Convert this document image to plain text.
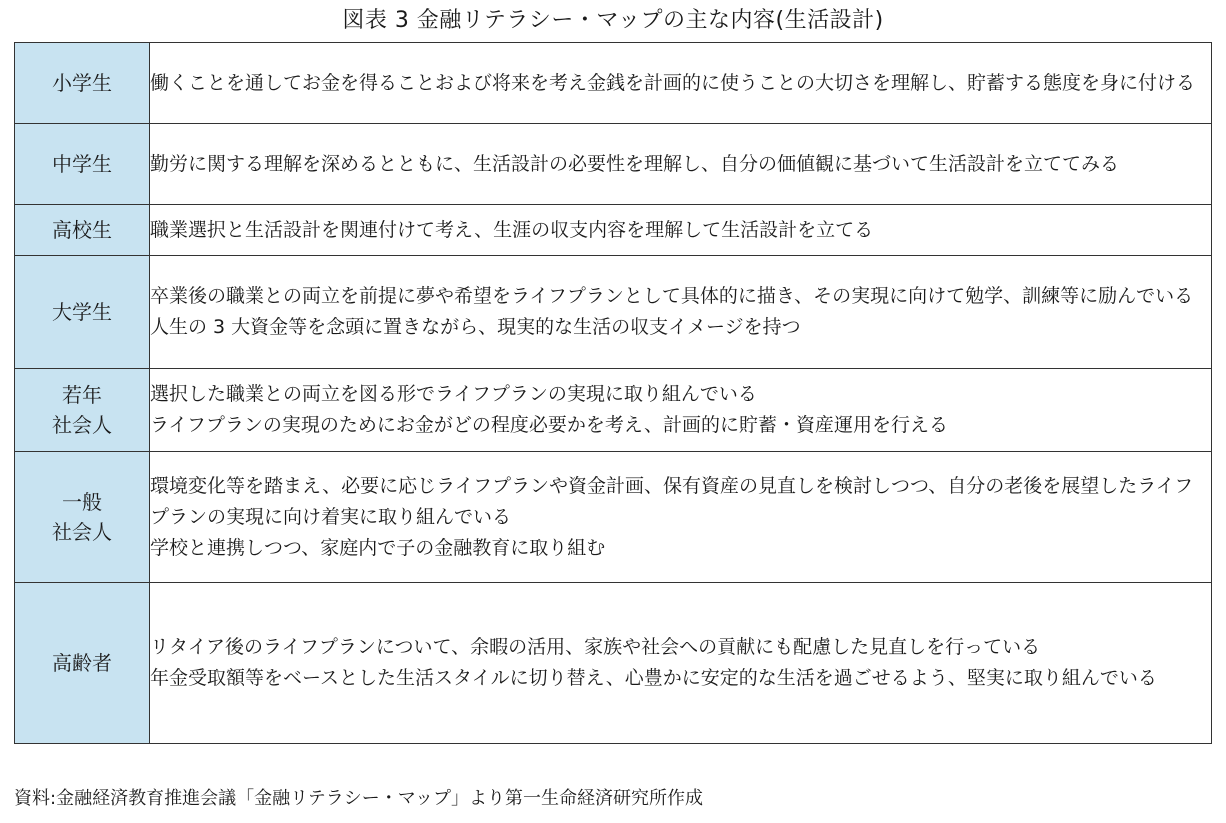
図表 3 金融リテラシー・マップの主な内容(生活設計)
小学生	働くことを通してお金を得ることおよび将来を考え金銭を計画的に使うことの大切さを理解し、貯蓄する態度を身に付ける

中学生	勤労に関する理解を深めるとともに、生活設計の必要性を理解し、自分の価値観に基づいて生活設計を立ててみる

高校生	職業選択と生活設計を関連付けて考え、生涯の収支内容を理解して生活設計を立てる

大学生	卒業後の職業との両立を前提に夢や希望をライフプランとして具体的に描き、その実現に向けて勉学、訓練等に励んでいる
人生の 3 大資金等を念頭に置きながら、現実的な生活の収支イメージを持つ

若年
社会人	選択した職業との両立を図る形でライフプランの実現に取り組んでいる
ライフプランの実現のためにお金がどの程度必要かを考え、計画的に貯蓄・資産運用を行える

一般
社会人	環境変化等を踏まえ、必要に応じライフプランや資金計画、保有資産の見直しを検討しつつ、自分の老後を展望したライフプランの実現に向け着実に取り組んでいる
学校と連携しつつ、家庭内で子の金融教育に取り組む

高齢者	リタイア後のライフプランについて、余暇の活用、家族や社会への貢献にも配慮した見直しを行っている
年金受取額等をベースとした生活スタイルに切り替え、心豊かに安定的な生活を過ごせるよう、堅実に取り組んでいる
資料:金融経済教育推進会議「金融リテラシー・マップ」より第一生命経済研究所作成
